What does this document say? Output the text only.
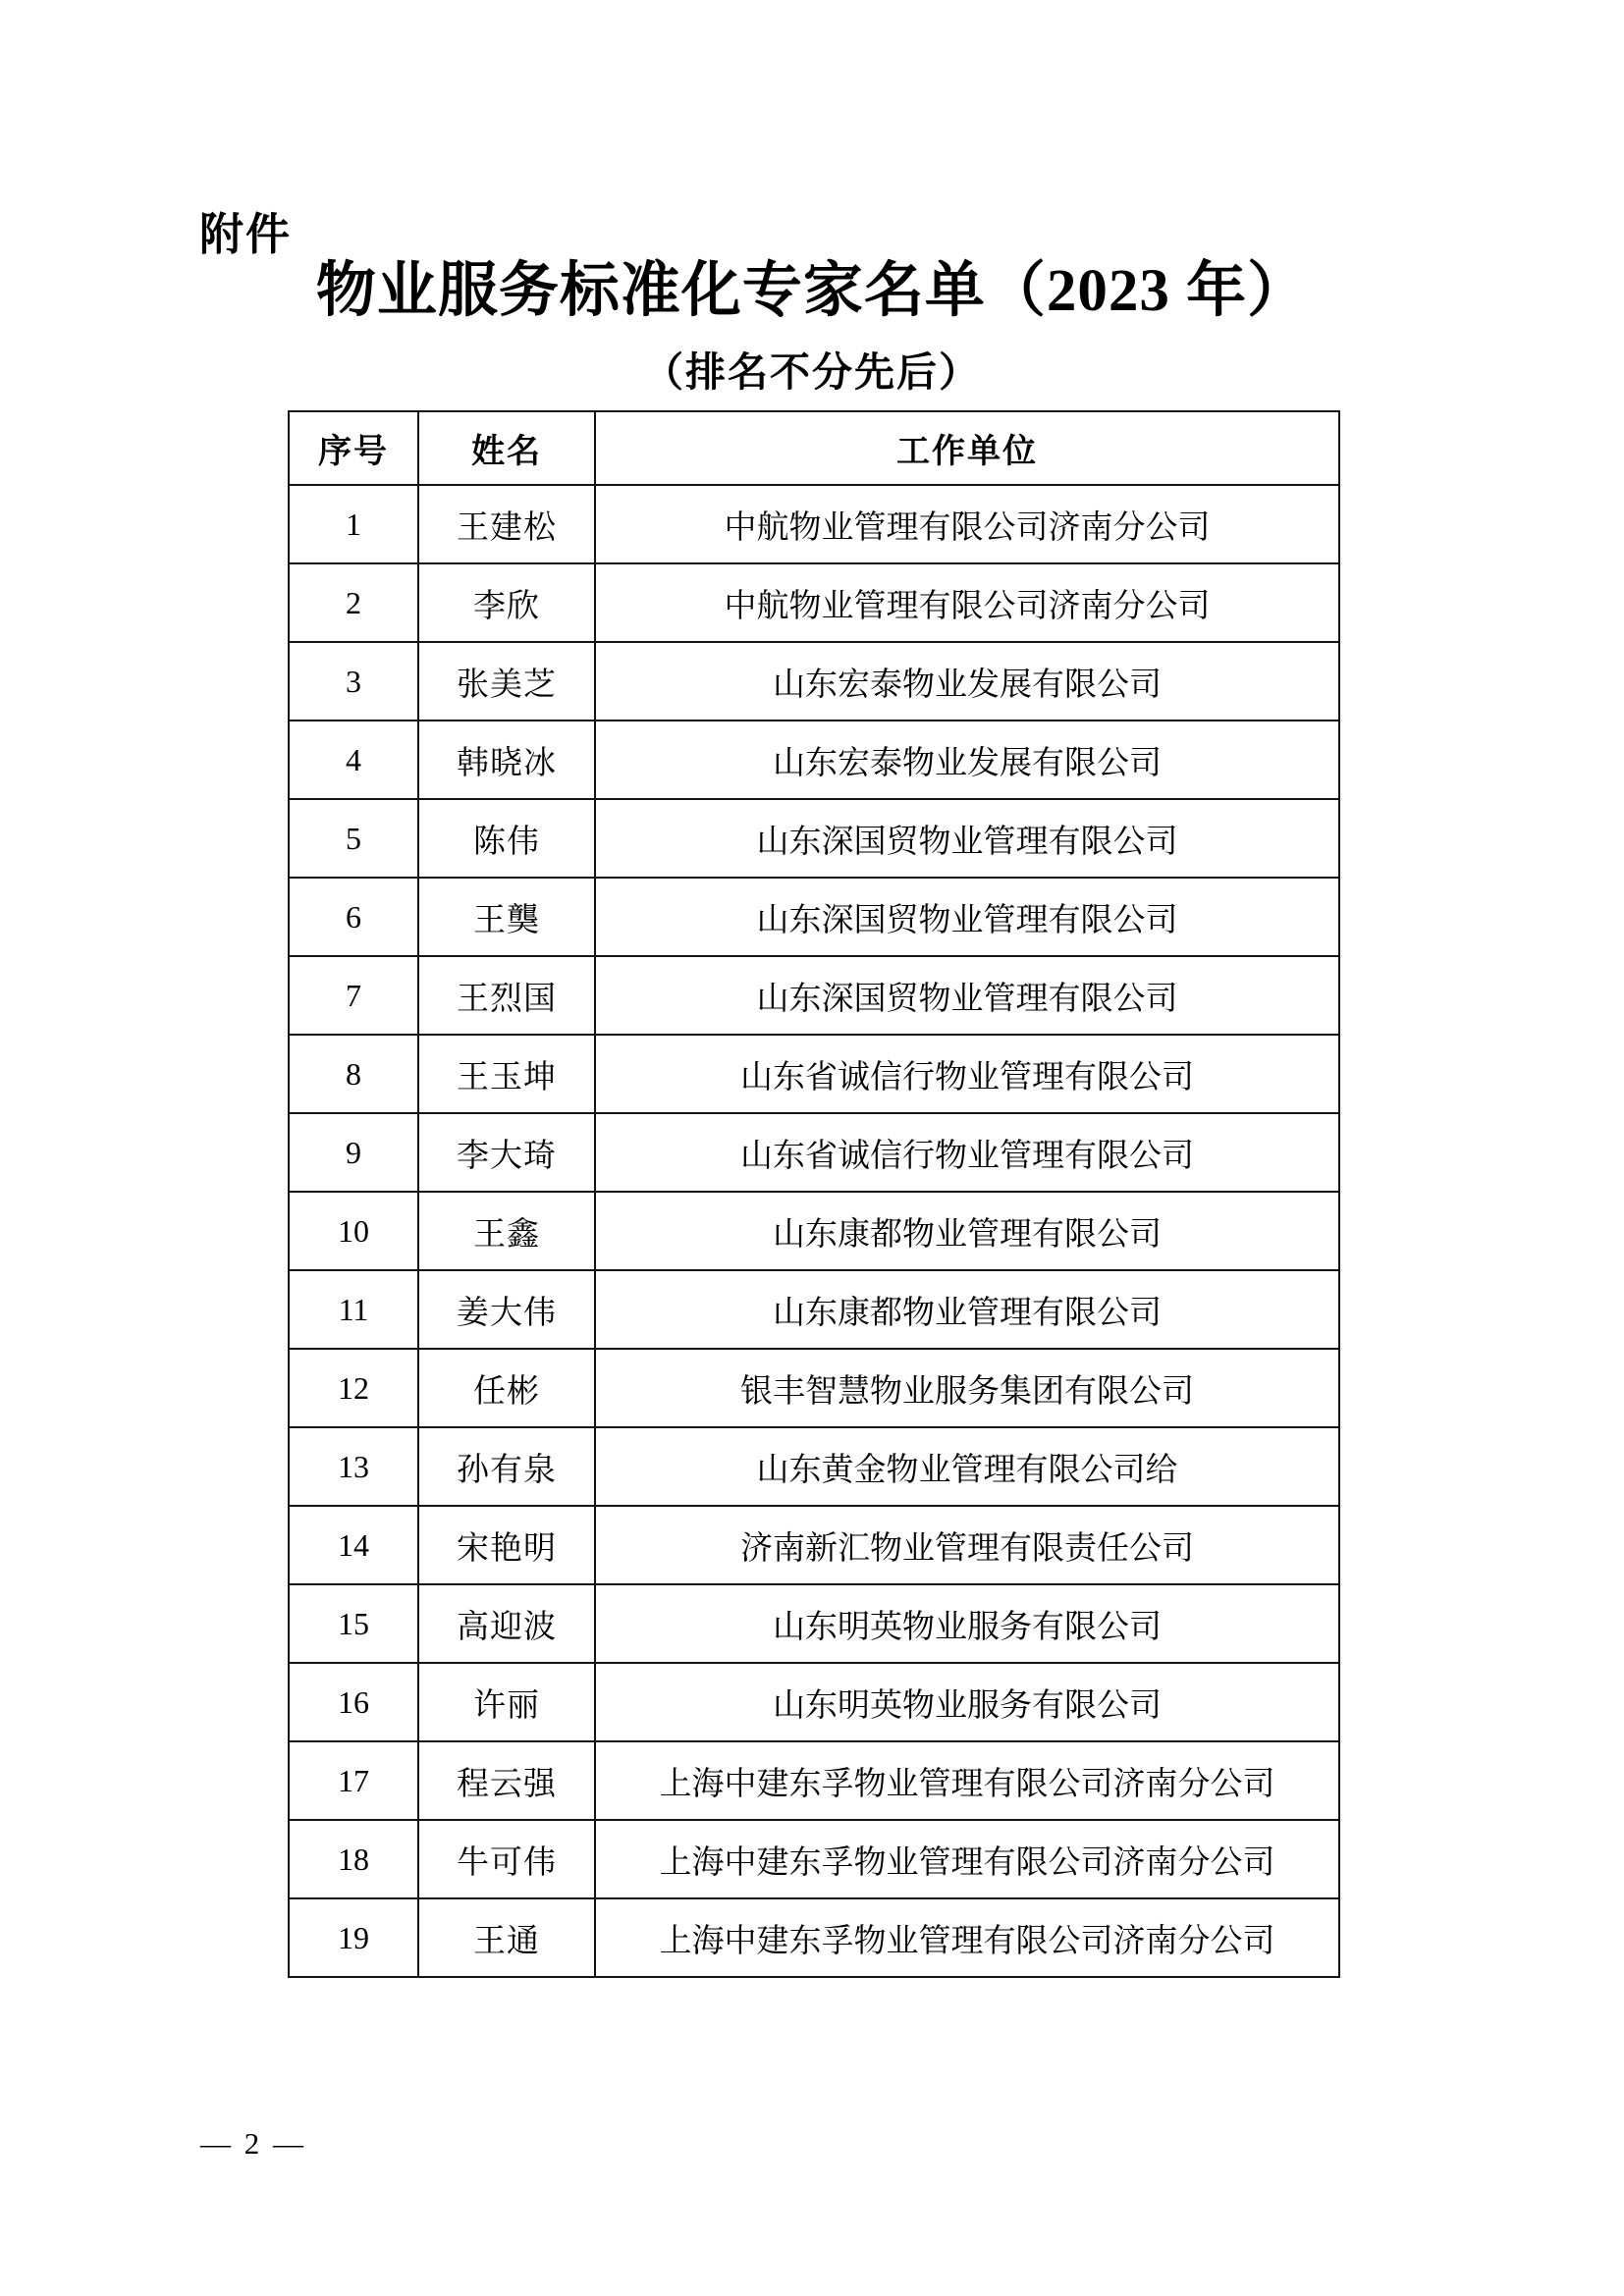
附件
物业服务标准化专家名单（2023 年）
（排名不分先后）
序号	姓名	工作单位
1	王建松	中航物业管理有限公司济南分公司
2	李欣	中航物业管理有限公司济南分公司
3	张美芝	山东宏泰物业发展有限公司
4	韩晓冰	山东宏泰物业发展有限公司
5	陈伟	山东深国贸物业管理有限公司
6	王龑	山东深国贸物业管理有限公司
7	王烈国	山东深国贸物业管理有限公司
8	王玉坤	山东省诚信行物业管理有限公司
9	李大琦	山东省诚信行物业管理有限公司
10	王鑫	山东康都物业管理有限公司
11	姜大伟	山东康都物业管理有限公司
12	任彬	银丰智慧物业服务集团有限公司
13	孙有泉	山东黄金物业管理有限公司给
14	宋艳明	济南新汇物业管理有限责任公司
15	高迎波	山东明英物业服务有限公司
16	许丽	山东明英物业服务有限公司
17	程云强	上海中建东孚物业管理有限公司济南分公司
18	牛可伟	上海中建东孚物业管理有限公司济南分公司
19	王通	上海中建东孚物业管理有限公司济南分公司
— 2 —
